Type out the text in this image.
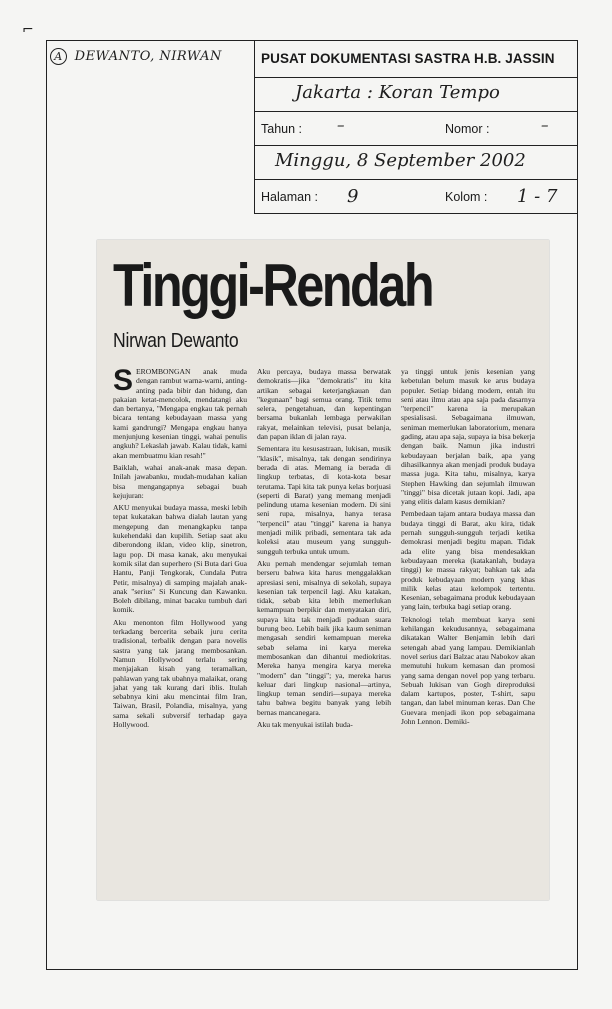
⌐
A DEWANTO, NIRWAN	PUSAT DOKUMENTASI SASTRA H.B. JASSIN
Jakarta : Koran Tempo
Tahun : –	Nomor :	–
Minggu, 8 September 2002
Halaman : 9	Kolom : 1 - 7
Tinggi-Rendah
Nirwan Dewanto

SEROMBONGAN anak muda dengan rambut warna-warni, anting-anting pada bibir dan hidung, dan pakaian ketat-mencolok, mendatangi aku dan bertanya, "Mengapa engkau tak pernah bicara tentang kebudayaan massa yang kami gandrungi? Mengapa engkau hanya menjunjung kesenian tinggi, wahai penulis angkuh? Lekaslah jawab. Kalau tidak, kami akan membuatmu kian resah!"

Baiklah, wahai anak-anak masa depan. Inilah jawabanku, mudah-mudahan kalian bisa mengangapnya sebagai buah kejujuran:

AKU menyukai budaya massa, meski lebih tepat kukatakan bahwa dialah lautan yang mengepung dan menangkapku tanpa kukehendaki dan kupilih. Setiap saat aku diberondong iklan, video klip, sinetron, lagu pop. Di masa kanak, aku menyukai komik silat dan superhero (Si Buta dari Gua Hantu, Panji Tengkorak, Cundala Putra Petir, misalnya) di samping majalah anak-anak "serius" Si Kuncung dan Kawanku. Boleh dibilang, minat bacaku tumbuh dari komik.

Aku menonton film Hollywood yang terkadang bercerita sebaik juru cerita tradisional, terbalik dengan para novelis sastra yang tak jarang membosankan. Namun Hollywood terlalu sering menjajakan kisah yang teramalkan, pahlawan yang tak ubahnya malaikat, orang jahat yang tak kurang dari iblis. Itulah sebabnya kini aku mencintai film Iran, Taiwan, Brasil, Polandia, misalnya, yang sama sekali subversif terhadap gaya Hollywood.

Aku percaya, budaya massa berwatak demokratis—jika "demokratis" itu kita artikan sebagai keterjangkauan dan "kegunaan" bagi semua orang. Titik temu selera, pengetahuan, dan kepentingan bersama bukanlah lembaga perwakilan rakyat, melainkan televisi, pusat belanja, dan papan iklan di jalan raya.

Sementara itu kesusastraan, lukisan, musik "klasik", misalnya, tak dengan sendirinya berada di atas. Memang ia berada di lingkup terbatas, di kota-kota besar terutama. Tapi kita tak punya kelas borjuasi (seperti di Barat) yang memang menjadi pelindung utama kesenian modern. Di sini seni rupa, misalnya, hanya terasa "terpencil" atau "tinggi" karena ia hanya menjadi milik pribadi, sementara tak ada koleksi atau museum yang sungguh-sungguh terbuka untuk umum.

Aku pernah mendengar sejumlah teman berseru bahwa kita harus menggalakkan apresiasi seni, misalnya di sekolah, supaya kesenian tak terpencil lagi. Aku katakan, tidak, sebab kita lebih memerlukan kemampuan berpikir dan menyatakan diri, supaya kita tak menjadi paduan suara burung beo. Lebih baik jika kaum seniman mengasah sendiri kemampuan mereka sebab selama ini karya mereka membosankan dan dihantui mediokritas. Mereka hanya mengira karya mereka "modern" dan "tinggi"; ya, mereka harus keluar dari lingkup nasional—artinya, lingkup teman sendiri—supaya mereka tahu bahwa begitu banyak yang lebih bernas mancanegara.

Aku tak menyukai istilah buda-

ya tinggi untuk jenis kesenian yang kebetulan belum masuk ke arus budaya populer. Setiap bidang modern, entah itu seni atau ilmu atau apa saja pada dasarnya "terpencil" karena ia merupakan spesialisasi. Sebagaimana ilmuwan, seniman memerlukan laboratorium, menara gading, atau apa saja, supaya ia bisa bekerja dengan baik. Namun jika industri kebudayaan berjalan baik, apa yang dihasilkannya akan menjadi produk budaya massa juga. Kita tahu, misalnya, karya Stephen Hawking dan sejumlah ilmuwan "tinggi" bisa dicetak jutaan kopi. Jadi, apa yang elitis dalam kasus demikian?

Pembedaan tajam antara budaya massa dan budaya tinggi di Barat, aku kira, tidak pernah sungguh-sungguh terjadi ketika demokrasi menjadi begitu mapan. Tidak ada elite yang bisa mendesakkan kebudayaan mereka (katakanlah, budaya tinggi) ke massa rakyat; bahkan tak ada produk kebudayaan modern yang khas milik kelas atau kelompok tertentu. Kesenian, sebagaimana produk kebudayaan yang lain, terbuka bagi setiap orang.

Teknologi telah membuat karya seni kehilangan kekudusannya, sebagaimana dikatakan Walter Benjamin lebih dari setengah abad yang lampau. Demikianlah novel serius dari Balzac atau Nabokov akan memutuhi hukum kemasan dan promosi yang sama dengan novel pop yang terbaru. Sebuah lukisan van Gogh direproduksi dalam kartupos, poster, T-shirt, sapu tangan, dan label minuman keras. Dan Che Guevara menjadi ikon pop sebagaimana John Lennon. Demiki-
